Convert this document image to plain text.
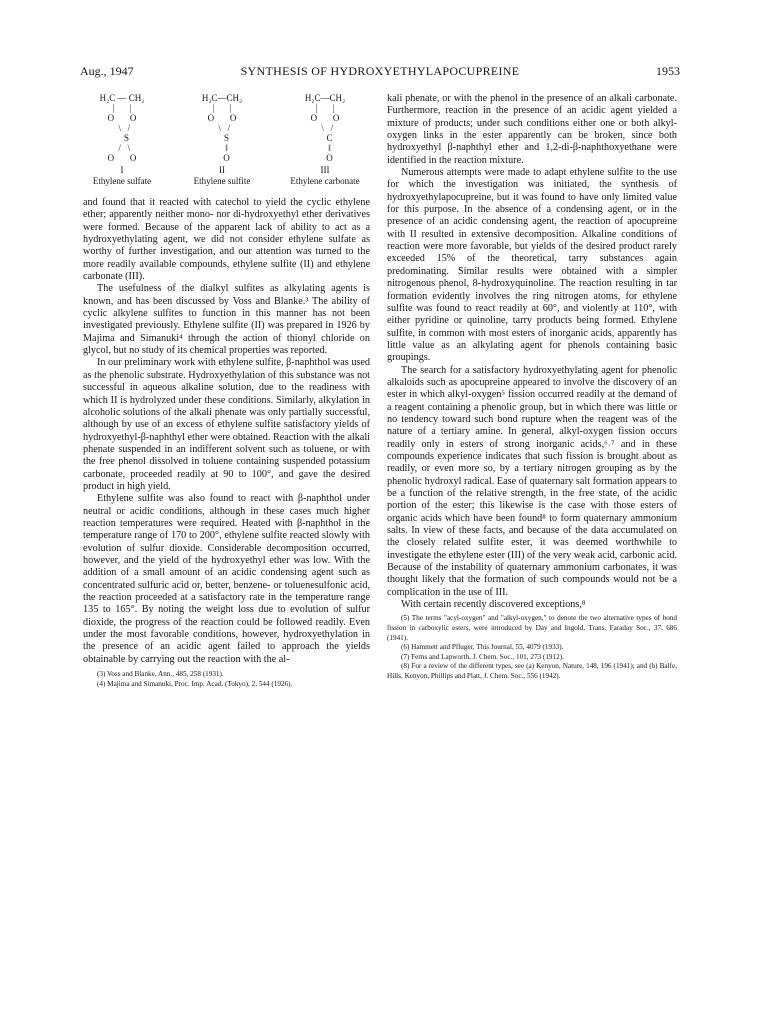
Aug., 1947	SYNTHESIS OF HYDROXYETHYLAPOCUPREINE	1953
H₂C — CH₂
|       |
O       O
\   /
S
/   \
O       O
I
Ethylene sulfate
H₂C—CH₂
|       |
O       O
\   /
S
‖
O
II
Ethylene sulfite
H₂C—CH₂
|       |
O       O
\   /
C
‖
O
III
Ethylene carbonate

and found that it reacted with catechol to yield the cyclic ethylene ether; apparently neither mono- nor di-hydroxyethyl ether derivatives were formed. Because of the apparent lack of ability to act as a hydroxyethylating agent, we did not consider ethylene sulfate as worthy of further investigation, and our attention was turned to the more readily available compounds, ethylene sulfite (II) and ethylene carbonate (III).

The usefulness of the dialkyl sulfites as alkylating agents is known, and has been discussed by Voss and Blanke.³ The ability of cyclic alkylene sulfites to function in this manner has not been investigated previously. Ethylene sulfite (II) was prepared in 1926 by Majima and Simanuki⁴ through the action of thionyl chloride on glycol, but no study of its chemical properties was reported.

In our preliminary work with ethylene sulfite, β-naphthol was used as the phenolic substrate. Hydroxyethylation of this substance was not successful in aqueous alkaline solution, due to the readiness with which II is hydrolyzed under these conditions. Similarly, alkylation in alcoholic solutions of the alkali phenate was only partially successful, although by use of an excess of ethylene sulfite satisfactory yields of hydroxyethyl-β-naphthyl ether were obtained. Reaction with the alkali phenate suspended in an indifferent solvent such as toluene, or with the free phenol dissolved in toluene containing suspended potassium carbonate, proceeded readily at 90 to 100°, and gave the desired product in high yield.

Ethylene sulfite was also found to react with β-naphthol under neutral or acidic conditions, although in these cases much higher reaction temperatures were required. Heated with β-naphthol in the temperature range of 170 to 200°, ethylene sulfite reacted slowly with evolution of sulfur dioxide. Considerable decomposition occurred, however, and the yield of the hydroxyethyl ether was low. With the addition of a small amount of an acidic condensing agent such as concentrated sulfuric acid or, better, benzene- or toluenesulfonic acid, the reaction proceeded at a satisfactory rate in the temperature range 135 to 165°. By noting the weight loss due to evolution of sulfur dioxide, the progress of the reaction could be followed readily. Even under the most favorable conditions, however, hydroxyethylation in the presence of an acidic agent failed to approach the yields obtainable by carrying out the reaction with the al-

(3) Voss and Blanke, Ann., 485, 258 (1931).

(4) Majima and Simanuki, Proc. Imp. Acad. (Tokyo), 2, 544 (1926).

kali phenate, or with the phenol in the presence of an alkali carbonate. Furthermore, reaction in the presence of an acidic agent yielded a mixture of products; under such conditions either one or both alkyl-oxygen links in the ester apparently can be broken, since both hydroxyethyl β-naphthyl ether and 1,2-di-β-naphthoxyethane were identified in the reaction mixture.

Numerous attempts were made to adapt ethylene sulfite to the use for which the investigation was initiated, the synthesis of hydroxyethylapocupreine, but it was found to have only limited value for this purpose. In the absence of a condensing agent, or in the presence of an acidic condensing agent, the reaction of apocupreine with II resulted in extensive decomposition. Alkaline conditions of reaction were more favorable, but yields of the desired product rarely exceeded 15% of the theoretical, tarry substances again predominating. Similar results were obtained with a simpler nitrogenous phenol, 8-hydroxyquinoline. The reaction resulting in tar formation evidently involves the ring nitrogen atoms, for ethylene sulfite was found to react readily at 60°, and violently at 110°, with either pyridine or quinoline, tarry products being formed. Ethylene sulfite, in common with most esters of inorganic acids, apparently has little value as an alkylating agent for phenols containing basic groupings.

The search for a satisfactory hydroxyethylating agent for phenolic alkaloids such as apocupreine appeared to involve the discovery of an ester in which alkyl-oxygen⁵ fission occurred readily at the demand of a reagent containing a phenolic group, but in which there was little or no tendency toward such bond rupture when the reagent was of the nature of a tertiary amine. In general, alkyl-oxygen fission occurs readily only in esters of strong inorganic acids,⁶˒⁷ and in these compounds experience indicates that such fission is brought about as readily, or even more so, by a tertiary nitrogen grouping as by the phenolic hydroxyl radical. Ease of quaternary salt formation appears to be a function of the relative strength, in the free state, of the acidic portion of the ester; this likewise is the case with those esters of organic acids which have been found⁸ to form quaternary ammonium salts. In view of these facts, and because of the data accumulated on the closely related sulfite ester, it was deemed worthwhile to investigate the ethylene ester (III) of the very weak acid, carbonic acid. Because of the instability of quaternary ammonium carbonates, it was thought likely that the formation of such compounds would not be a complication in the use of III.

With certain recently discovered exceptions,⁸

(5) The terms "acyl-oxygen" and "alkyl-oxygen," to denote the two alternative types of bond fission in carboxylic esters, were introduced by Day and Ingold, Trans. Faraday Soc., 37, 686 (1941).

(6) Hammett and Pfluger, This Journal, 55, 4079 (1933).

(7) Ferns and Lapworth, J. Chem. Soc., 101, 273 (1912).

(8) For a review of the different types, see (a) Kenyon, Nature, 148, 196 (1941); and (b) Balfe, Hills, Kenyon, Phillips and Platt, J. Chem. Soc., 556 (1942).
